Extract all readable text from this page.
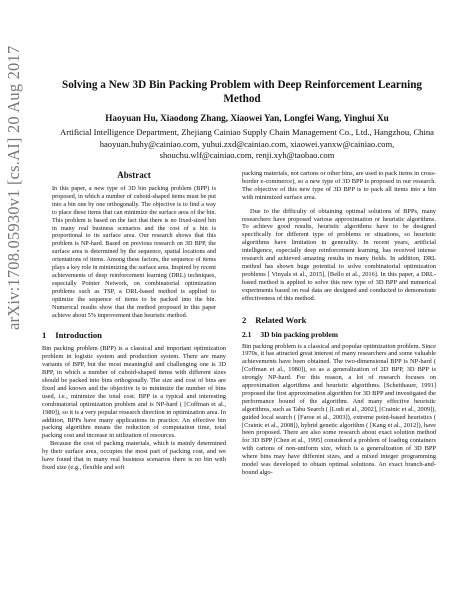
arXiv:1708.05930v1 [cs.AI] 20 Aug 2017	Solving a New 3D Bin Packing Problem with Deep Reinforcement Learning Method
Haoyuan Hu, Xiaodong Zhang, Xiaowei Yan, Longfei Wang, Yinghui Xu
Artificial Intelligence Department, Zhejiang Cainiao Supply Chain Management Co., Ltd., Hangzhou, China
haoyuan.huhy@cainiao.com, yuhui.zxd@cainiao.com, xiaowei.yanxw@cainiao.com,
shouchu.wlf@cainiao.com, renji.xyh@taobao.com
Abstract

In this paper, a new type of 3D bin packing problem (BPP) is proposed, in which a number of cuboid-shaped items must be put into a bin one by one orthogonally. The objective is to find a way to place these items that can minimize the surface area of the bin. This problem is based on the fact that there is no fixed-sized bin in many real business scenarios and the cost of a bin is proportional to its surface area. Our research shows that this problem is NP-hard. Based on previous research on 3D BPP, the surface area is determined by the sequence, spatial locations and orientations of items. Among these factors, the sequence of items plays a key role in minimizing the surface area. Inspired by recent achievements of deep reinforcement learning (DRL) techniques, especially Pointer Network, on combinatorial optimization problems such as TSP, a DRL-based method is applied to optimize the sequence of items to be packed into the bin. Numerical results show that the method proposed in this paper achieve about 5% improvement than heuristic method.

1 Introduction

Bin packing problem (BPP) is a classical and important optimization problem in logistic system and production system. There are many variants of BPP, but the most meaningful and challenging one is 3D BPP, in which a number of cuboid-shaped items with different sizes should be packed into bins orthogonally. The size and cost of bins are fixed and known and the objective is to minimize the number of bins used, i.e., minimize the total cost. BPP is a typical and interesting combinatorial optimization problem and is NP-hard ( [Coffman et al., 1980]), so it is a very popular research direction in optimization area. In addition, BPPs have many applications in practice. An effective bin packing algorithm means the reduction of computation time, total packing cost and increase in utilization of resources.

Because the cost of packing materials, which is mainly determined by their surface area, occupies the most part of packing cost, and we have found that in many real business scenarios there is no bin with fixed size (e.g., flexible and soft

packing materials, not cartons or other bins, are used to pack items in cross-border e-commerce), so a new type of 3D BPP is proposed in our research. The objective of this new type of 3D BPP is to pack all items into a bin with minimized surface area.

Due to the difficulty of obtaining optimal solutions of BPPs, many researchers have proposed various approximation or heuristic algorithms. To achieve good results, heuristic algorithms have to be designed specifically for different type of problems or situations, so heuristic algorithms have limitation in generality. In recent years, artificial intelligence, especially deep reinforcement learning, has received intense research and achieved amazing results in many fields. In addition, DRL method has shown huge potential to solve combinatorial optimization problems [ Vinyals et al., 2015], [Bello et al., 2016]. In this paper, a DRL-based method is applied to solve this new type of 3D BPP and numerical experiments based on real data are designed and conducted to demonstrate effectiveness of this method.

2 Related Work
2.1 3D bin packing problem

Bin packing problem is a classical and popular optimization problem. Since 1970s, it has attracted great interest of many researchers and some valuable achievements have been obtained. The two-dimensional BPP is NP-hard ( [Coffman et al., 1980]), so as a generalization of 2D BPP, 3D BPP is strongly NP-hard. For this reason, a lot of research focuses on approximation algorithms and heuristic algorithms. [Scheithauer, 1991] proposed the first approximation algorithm for 3D BPP and investigated the performance bound of the algorithm. And many effective heuristic algorithms, such as Tabu Search ( [Lodi et al., 2002], [Crainic et al., 2009]), guided local search ( [Faroe et al., 2003]), extreme point-based heuristics ( [Crainic et al., 2008]), hybrid genetic algorithm ( [Kang et al., 2012]), have been proposed. There are also some research about exact solution method for 3D BPP [Chen et al., 1995] considered a problem of loading containers with cartons of non-uniform size, which is a generalization of 3D BPP where bins may have different sizes, and a mixed integer programming model was developed to obtain optimal solutions. An exact branch-and-bound algo-
